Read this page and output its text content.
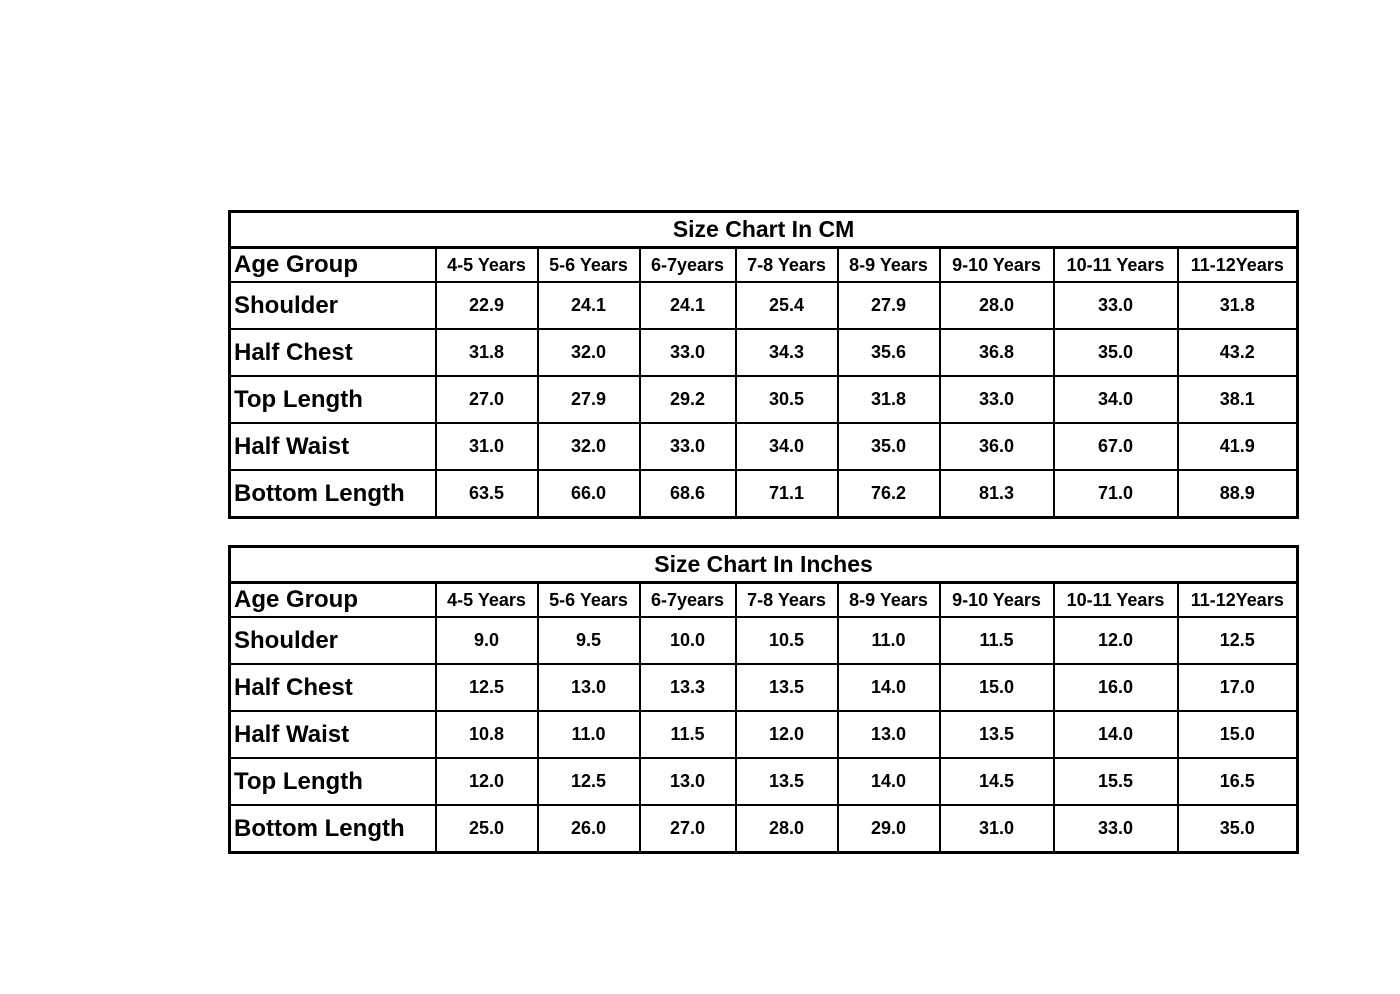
Size Chart In CM								
Age Group	4-5 Years	5-6 Years	6-7years	7-8 Years	8-9 Years	9-10 Years	10-11 Years	11-12Years
Shoulder	22.9	24.1	24.1	25.4	27.9	28.0	33.0	31.8
Half Chest	31.8	32.0	33.0	34.3	35.6	36.8	35.0	43.2
Top Length	27.0	27.9	29.2	30.5	31.8	33.0	34.0	38.1
Half Waist	31.0	32.0	33.0	34.0	35.0	36.0	67.0	41.9
Bottom Length	63.5	66.0	68.6	71.1	76.2	81.3	71.0	88.9
Size Chart In Inches								
Age Group	4-5 Years	5-6 Years	6-7years	7-8 Years	8-9 Years	9-10 Years	10-11 Years	11-12Years
Shoulder	9.0	9.5	10.0	10.5	11.0	11.5	12.0	12.5
Half Chest	12.5	13.0	13.3	13.5	14.0	15.0	16.0	17.0
Half Waist	10.8	11.0	11.5	12.0	13.0	13.5	14.0	15.0
Top Length	12.0	12.5	13.0	13.5	14.0	14.5	15.5	16.5
Bottom Length	25.0	26.0	27.0	28.0	29.0	31.0	33.0	35.0
